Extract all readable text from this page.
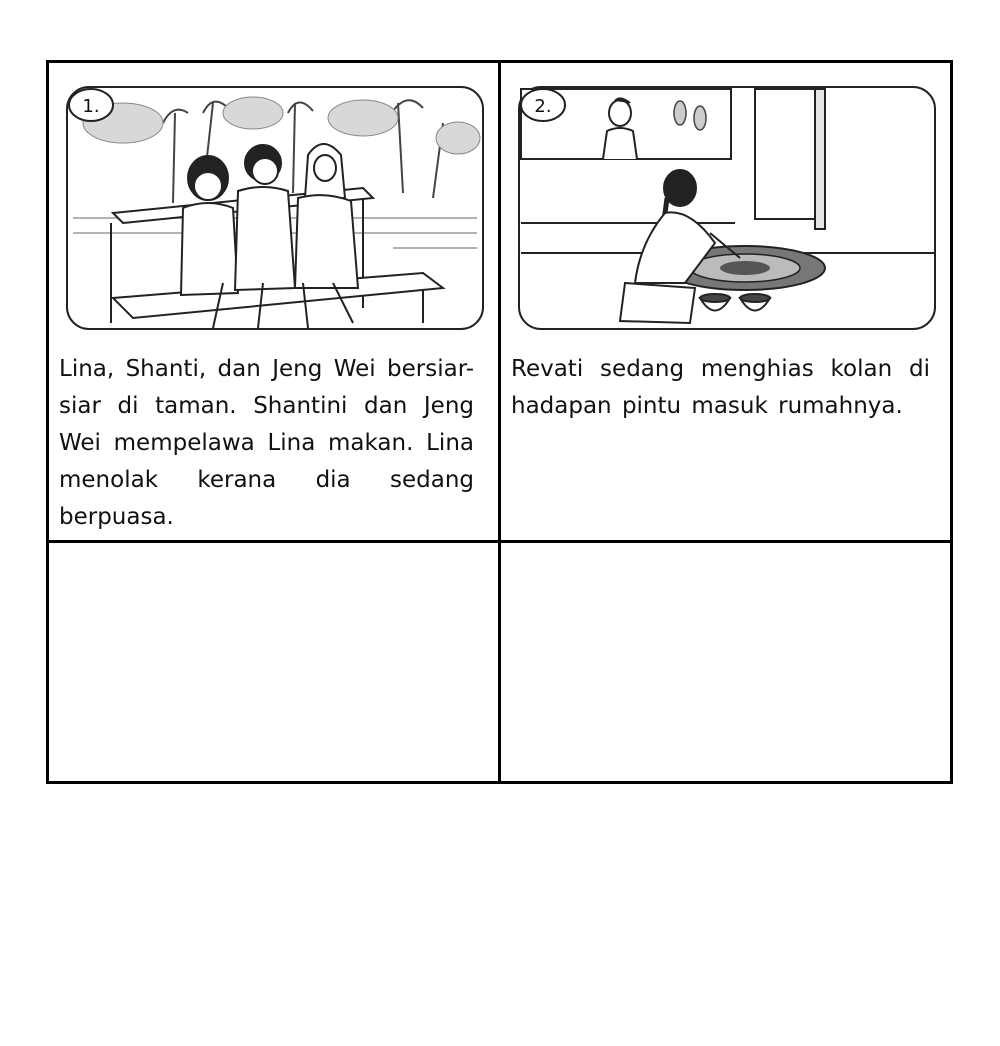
1.
Lina, Shanti, dan Jeng Wei bersiar-siar di taman. Shantini dan Jeng Wei mempelawa Lina makan. Lina menolak kerana dia sedang berpuasa.
2.
Revati sedang menghias kolan di hadapan pintu masuk rumahnya.
